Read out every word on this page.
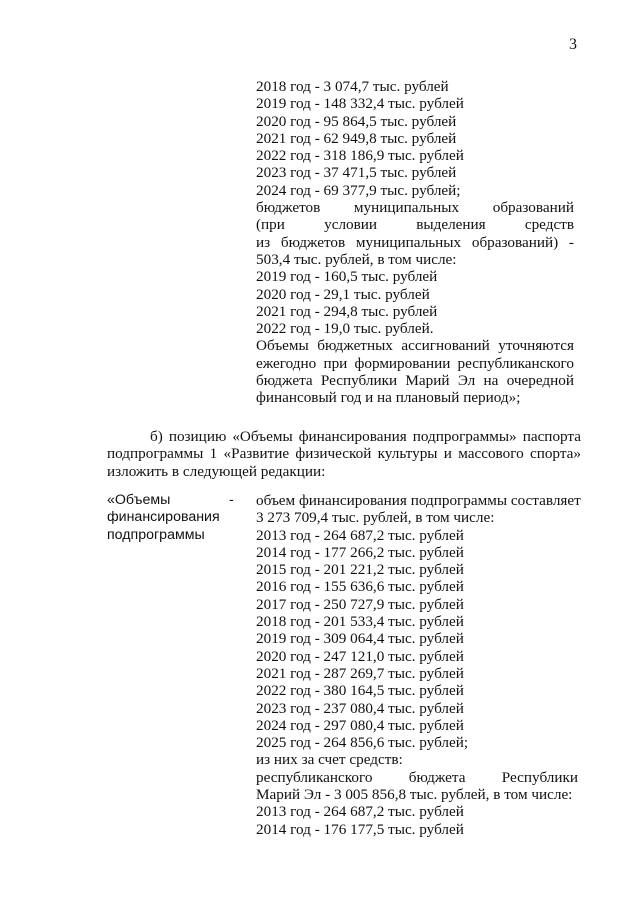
3
2018 год - 3 074,7 тыс. рублей
2019 год - 148 332,4 тыс. рублей
2020 год - 95 864,5 тыс. рублей
2021 год - 62 949,8 тыс. рублей
2022 год - 318 186,9 тыс. рублей
2023 год - 37 471,5 тыс. рублей
2024 год - 69 377,9 тыс. рублей;
бюджетов муниципальных образований
(при условии выделения средств
из бюджетов муниципальных образований) -
503,4 тыс. рублей, в том числе:
2019 год - 160,5 тыс. рублей
2020 год - 29,1 тыс. рублей
2021 год - 294,8 тыс. рублей
2022 год - 19,0 тыс. рублей.
Объемы бюджетных ассигнований уточняются
ежегодно при формировании республиканского
бюджета Республики Марий Эл на очередной
финансовый год и на плановый период»;
б) позицию «Объемы финансирования подпрограммы» паспорта
подпрограммы 1 «Развитие физической культуры и массового спорта»
изложить в следующей редакции:
«Объемы
финансирования
подпрограммы
- объем финансирования подпрограммы составляет
3 273 709,4 тыс. рублей, в том числе:
2013 год - 264 687,2 тыс. рублей
2014 год - 177 266,2 тыс. рублей
2015 год - 201 221,2 тыс. рублей
2016 год - 155 636,6 тыс. рублей
2017 год - 250 727,9 тыс. рублей
2018 год - 201 533,4 тыс. рублей
2019 год - 309 064,4 тыс. рублей
2020 год - 247 121,0 тыс. рублей
2021 год - 287 269,7 тыс. рублей
2022 год - 380 164,5 тыс. рублей
2023 год - 237 080,4 тыс. рублей
2024 год - 297 080,4 тыс. рублей
2025 год - 264 856,6 тыс. рублей;
из них за счет средств:
республиканского бюджета Республики
Марий Эл - 3 005 856,8 тыс. рублей, в том числе:
2013 год - 264 687,2 тыс. рублей
2014 год - 176 177,5 тыс. рублей
